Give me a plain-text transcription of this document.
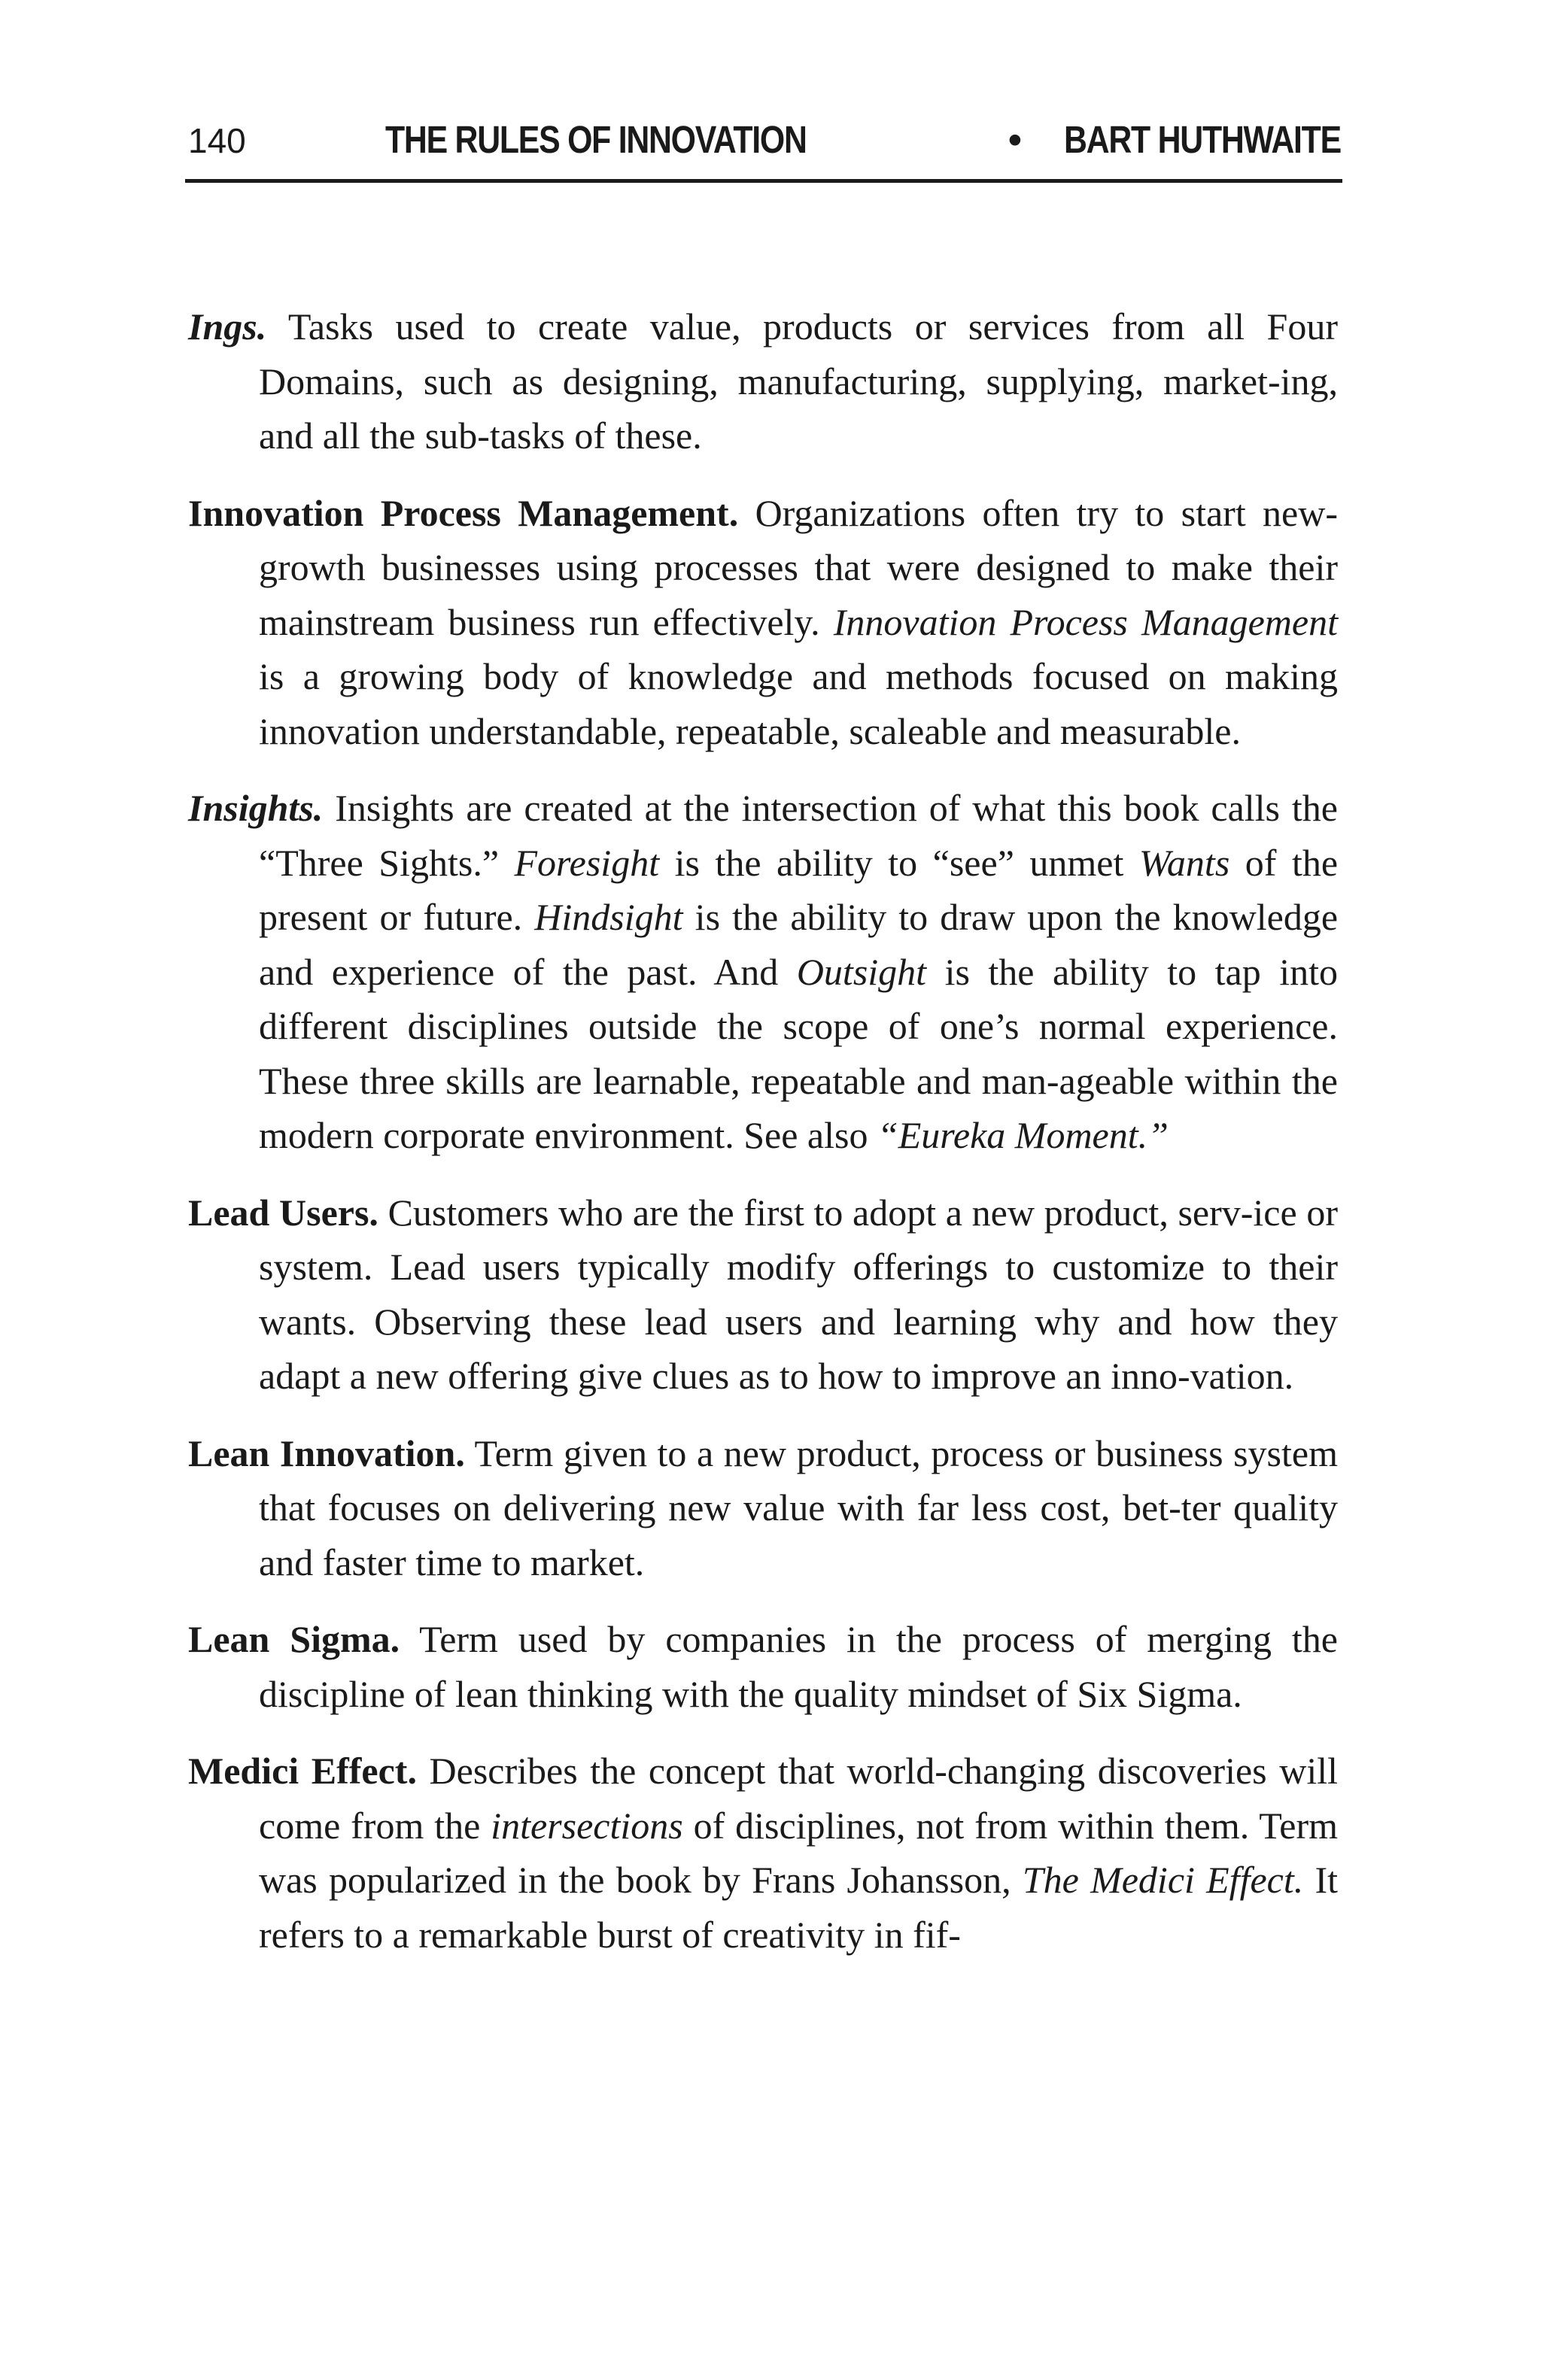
140	THE RULES OF INNOVATION	• BART HUTHWAITE

Ings. Tasks used to create value, products or services from all Four Domains, such as designing, manufacturing, supplying, market-ing, and all the sub-tasks of these.

Innovation Process Management. Organizations often try to start new-growth businesses using processes that were designed to make their mainstream business run effectively. Innovation Process Management is a growing body of knowledge and methods focused on making innovation understandable, repeatable, scaleable and measurable.

Insights. Insights are created at the intersection of what this book calls the “Three Sights.” Foresight is the ability to “see” unmet Wants of the present or future. Hindsight is the ability to draw upon the knowledge and experience of the past. And Outsight is the ability to tap into different disciplines outside the scope of one’s normal experience. These three skills are learnable, repeatable and man-ageable within the modern corporate environment. See also “Eureka Moment.”

Lead Users. Customers who are the first to adopt a new product, serv-ice or system. Lead users typically modify offerings to customize to their wants. Observing these lead users and learning why and how they adapt a new offering give clues as to how to improve an inno-vation.

Lean Innovation. Term given to a new product, process or business system that focuses on delivering new value with far less cost, bet-ter quality and faster time to market.

Lean Sigma. Term used by companies in the process of merging the discipline of lean thinking with the quality mindset of Six Sigma.

Medici Effect. Describes the concept that world-changing discoveries will come from the intersections of disciplines, not from within them. Term was popularized in the book by Frans Johansson, The Medici Effect. It refers to a remarkable burst of creativity in fif-
